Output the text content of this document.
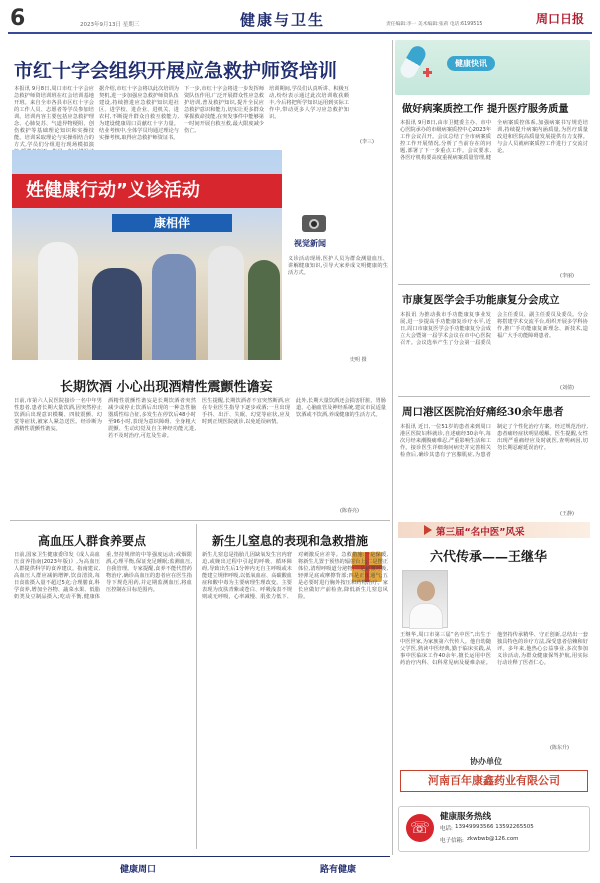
6	2023年9月13日 星期三	健康与卫生	责任编辑:李一 美术编辑:张莉 电话:6199515	周口日报
市红十字会组织开展应急救护师资培训
本报讯 9月8日,周口市红十字会应急救护师资培训班在红会培训基地开班。来自全市各县市区红十字会的工作人员、志愿者等学员参加培训。培训内容主要包括应急救护理念、心肺复苏、气道异物梗阻、创伤救护等基础理论知识和实操技能。培训采取理论与实操相结合的方式,学员们分组进行现场模拟演
据介绍,市红十字会将以此次培训为契机,进一步加强应急救护师资队伍建设,持续推进应急救护知识进社区、进学校、进企业、进机关、进农村,不断提升群众自救互救能力,为建设健康周口贡献红十字力量。结业考核中,全体学员均通过理论与实操考核,取得应急救护师资证书。
下一步,市红十字会将进一步发挥师资队伍作用,广泛开展群众性应急救护培训,普及救护知识,提升全民应急救护意识和能力,切实让更多群众掌握救命技能,在突发事件中能够第一时间开展自救互救,最大限度减少伤亡。
培训期间,学员们认真听讲、积极互动,纷纷表示通过此次培训收获颇丰,今后将把所学知识运用到实际工作中,带动更多人学习应急救护知识。
(李三)
健康快讯
姓健康行动”义诊活动
康相伴
视觉新闻
义诊活动现场,医护人员为群众测量血压、讲解健康知识,引导大家养成文明健康的生活方式。
史明 摄
长期饮酒 小心出现酒精性震颤性谵妄
日前,市第六人民医院接诊一名中年男性患者,患者长期大量饮酒,因突然停止饮酒后出现意识模糊、四肢震颤、幻觉等症状,被家人紧急送医。经诊断为酒精性震颤性谵妄。
酒精性震颤性谵妄是长期饮酒者突然减少或停止饮酒后出现的一种急性脑器质性综合征,多发生在停饮后48小时至96小时,表现为意识障碍、全身粗大震颤、生动幻觉及自主神经功能亢进,若不及时治疗,可危及生命。
医生提醒,长期饮酒者不宜突然断酒,应在专业医生指导下逐步戒酒;一旦出现手抖、出汗、失眠、幻觉等症状,应及时到正规医院就诊,以免延误病情。
此外,长期大量饮酒还会损害肝脏、胃肠道、心脑血管及神经系统,建议市民适量饮酒或不饮酒,养成健康的生活方式。
(陈春亮)
高血压人群食养要点
日前,国家卫生健康委印发《成人高血压食养指南(2023年版)》,为高血压人群提供科学的食养建议。指南建议,高血压人群应减钠增钾,饮食清淡,每日食盐摄入量不超过5克;合理膳食,科学食养,增加全谷物、蔬菜水果、低脂奶类及豆制品摄入;吃动平衡,健康体重,坚持规律的中等强度运动;戒烟限酒,心理平衡,保证充足睡眠;监测血压,自我管理。专家提醒,食养不能代替药物治疗,确诊高血压的患者应在医生指导下规范用药,并定期监测血压,将血压控制在目标范围内。
新生儿窒息的表现和急救措施
新生儿窒息是指胎儿因缺氧发生宫内窘迫,或娩出过程中引起的呼吸、循环障碍,导致出生后1分钟内无自主呼吸或未能建立规律呼吸,以低氧血症、高碳酸血症和酸中毒为主要病理生理改变。主要表现为皮肤青紫或苍白、呼吸浅表不规则或无呼吸、心率减慢、肌张力低下、对刺激反应差等。急救措施:一是保暖,将新生儿置于预热的辐射台上;二是摆正体位,清理呼吸道分泌物;三是刺激呼吸,轻弹足底或摩擦背部;四是正压通气;五是必要时进行胸外按压和药物治疗。家长应做好产前检查,降低新生儿窒息风险。
健康周口	路有健康
做好病案质控工作 提升医疗服务质量
本报讯 9月8日,由市卫健委主办、市中心医院承办的市级病案质控中心2023年工作会议召开。会议总结了全市病案质控工作开展情况,分析了当前存在的问题,部署了下一步重点工作。会议要求,各医疗机构要高度重视病案质量管理,健全病案质控体系,加强病案书写规范培训,持续提升病案内涵质量,为医疗质量改进和医院高质量发展提供有力支撑。与会人员就病案质控工作进行了交流讨论。
(李丽)
市康复医学会手功能康复分会成立
本报讯 为推动我市手功能康复事业发展,进一步提高手功能康复诊疗水平,近日,周口市康复医学会手功能康复分会成立大会暨第一届学术会议在市中心医院召开。会议选举产生了分会第一届委员会主任委员、副主任委员及委员。分会将搭建学术交流平台,组织开展多学科协作,推广手功能康复新理念、新技术,造福广大手功能障碍患者。
(刘倩)
周口港区医院治好痛经30余年患者
本报讯 近日,一位51岁的患者来到周口港区医院妇科就诊,自述痛经30余年,每次月经来潮腹痛难忍,严重影响生活和工作。接诊医生详细询问病史并完善相关检查后,确诊其患有子宫腺肌症,为患者制定了个性化治疗方案。经过规范治疗,患者痛经症状明显缓解。医生提醒,女性出现严重痛经应及时就医,查明病因,切勿长期忍耐延误治疗。
(王静)
第三届“名中医”风采
六代传承——王继华
王继华,周口市第三届“名中医”,出生于中医世家,为家族第六代传人。他自幼随父学医,熟读中医经典,勤于临床实践,从事中医临床工作40余年,擅长运用中医药治疗内科、妇科常见病及疑难杂症。他坚持传承精华、守正创新,总结出一套独具特色的诊疗方法,深受患者信赖和好评。多年来,他热心公益事业,多次参加义诊活动,为群众健康保驾护航,用实际行动诠释了医者仁心。
(陈东升)
协办单位
河南百年康鑫药业有限公司
☏
健康服务热线
电话: 13949993566 13592265505
电子信箱: zkwbwb@126.com
